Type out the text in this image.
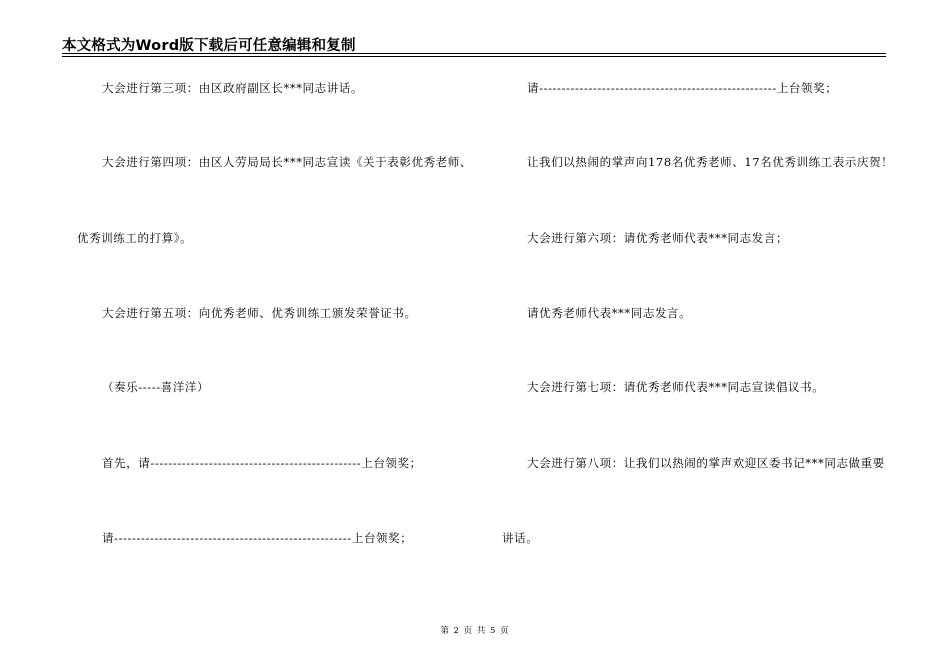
本文格式为Word版下载后可任意编辑和复制
大会进行第三项：由区政府副区长***同志讲话。
大会进行第四项：由区人劳局局长***同志宣读《关于表彰优秀老师、
优秀训练工的打算》。
大会进行第五项：向优秀老师、优秀训练工颁发荣誉证书。
（奏乐-----喜洋洋）
首先，请-----------------------------------------------上台领奖；
请-----------------------------------------------------上台领奖；
请-----------------------------------------------------上台领奖；
让我们以热闹的掌声向178名优秀老师、17名优秀训练工表示庆贺！
大会进行第六项：请优秀老师代表***同志发言；
请优秀老师代表***同志发言。
大会进行第七项：请优秀老师代表***同志宣读倡议书。
大会进行第八项：让我们以热闹的掌声欢迎区委书记***同志做重要
讲话。
第 2 页 共 5 页
